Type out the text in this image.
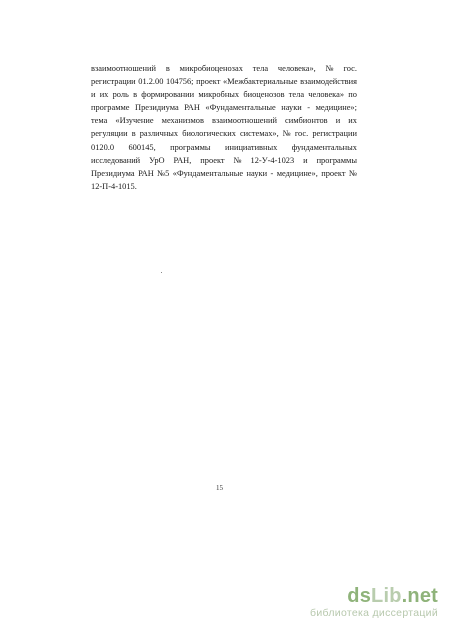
взаимоотношений в микробиоценозах тела человека», № гос.
регистрации 01.2.00 104756; проект «Межбактериальные взаимодействия
и их роль в формировании микробных биоценозов тела человека» по
программе Президиума РАН «Фундаментальные науки - медицине»;
тема «Изучение механизмов взаимоотношений симбионтов и их
регуляции в различных биологических системах», № гос. регистрации
0120.0 600145, программы инициативных фундаментальных
исследований УрО РАН, проект № 12-У-4-1023 и программы
Президиума РАН №5 «Фундаментальные науки - медицине», проект №
12-П-4-1015.
15
dsLib.net
библиотека диссертаций
